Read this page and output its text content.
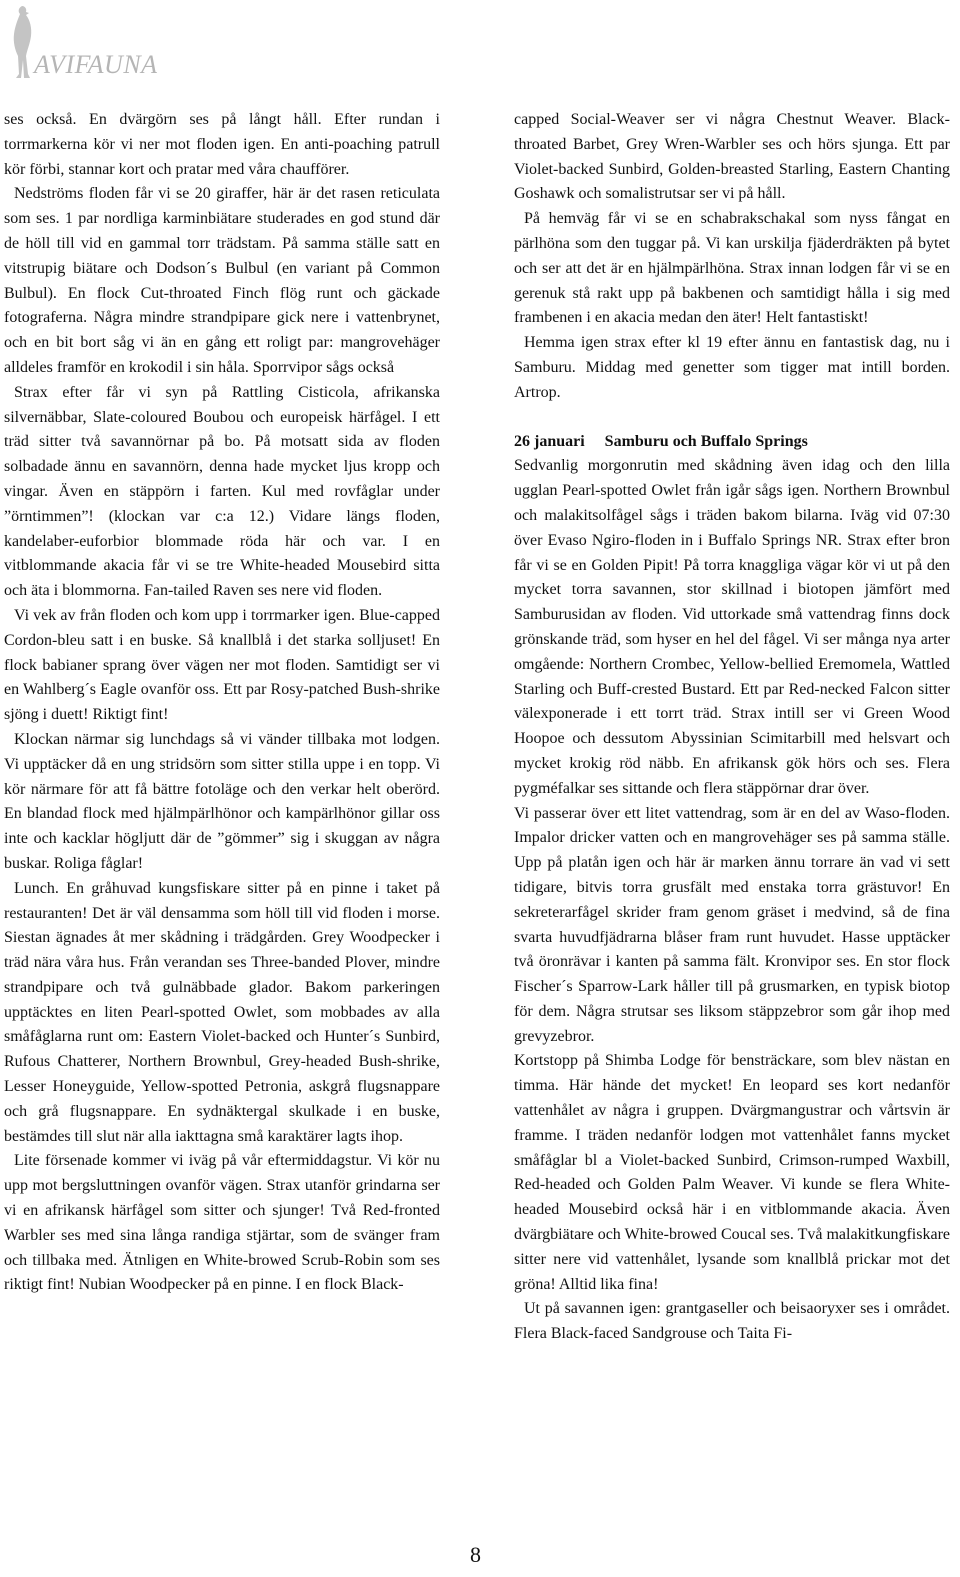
AVIFAUNA

ses också. En dvärgörn ses på långt håll. Efter rundan i torrmarkerna kör vi ner mot floden igen. En anti-poaching patrull kör förbi, stannar kort och pratar med våra chaufförer.

Nedströms floden får vi se 20 giraffer, här är det rasen reticulata som ses. 1 par nordliga karminbiätare studerades en god stund där de höll till vid en gammal torr trädstam. På samma ställe satt en vitstrupig biätare och Dodson´s Bulbul (en variant på Common Bulbul). En flock Cut-throated Finch flög runt och gäckade fotograferna. Några mindre strandpipare gick nere i vattenbrynet, och en bit bort såg vi än en gång ett roligt par: mangrovehäger alldeles framför en krokodil i sin håla. Sporrvipor sågs också

Strax efter får vi syn på Rattling Cisticola, afrikanska silvernäbbar, Slate-coloured Boubou och europeisk härfågel. I ett träd sitter två savannörnar på bo. På motsatt sida av floden solbadade ännu en savannörn, denna hade mycket ljus kropp och vingar. Även en stäppörn i farten. Kul med rovfåglar under ”örntimmen”! (klockan var c:a 12.) Vidare längs floden, kandelaber-euforbior blommade röda här och var. I en vitblommande akacia får vi se tre White-headed Mousebird sitta och äta i blommorna. Fan-tailed Raven ses nere vid floden.

Vi vek av från floden och kom upp i torrmarker igen. Blue-capped Cordon-bleu satt i en buske. Så knallblå i det starka solljuset! En flock babianer sprang över vägen ner mot floden. Samtidigt ser vi en Wahlberg´s Eagle ovanför oss. Ett par Rosy-patched Bush-shrike sjöng i duett! Riktigt fint!

Klockan närmar sig lunchdags så vi vänder tillbaka mot lodgen. Vi upptäcker då en ung stridsörn som sitter stilla uppe i en topp. Vi kör närmare för att få bättre fotoläge och den verkar helt oberörd. En blandad flock med hjälmpärlhönor och kampärlhönor gillar oss inte och kacklar högljutt där de ”gömmer” sig i skuggan av några buskar. Roliga fåglar!

Lunch. En gråhuvad kungsfiskare sitter på en pinne i taket på restauranten! Det är väl densamma som höll till vid floden i morse. Siestan ägnades åt mer skådning i trädgården. Grey Woodpecker i träd nära våra hus. Från verandan ses Three-banded Plover, mindre strandpipare och två gulnäbbade glador. Bakom parkeringen upptäcktes en liten Pearl-spotted Owlet, som mobbades av alla småfåglarna runt om: Eastern Violet-backed och Hunter´s Sunbird, Rufous Chatterer, Northern Brownbul, Grey-headed Bush-shrike, Lesser Honeyguide, Yellow-spotted Petronia, askgrå flugsnappare och grå flugsnappare. En sydnäktergal skulkade i en buske, bestämdes till slut när alla iakttagna små karaktärer lagts ihop.

Lite försenade kommer vi iväg på vår eftermiddagstur. Vi kör nu upp mot bergsluttningen ovanför vägen. Strax utanför grindarna ser vi en afrikansk härfågel som sitter och sjunger! Två Red-fronted Warbler ses med sina långa randiga stjärtar, som de svänger fram och tillbaka med. Ätnligen en White-browed Scrub-Robin som ses riktigt fint! Nubian Woodpecker på en pinne. I en flock Black-

capped Social-Weaver ser vi några Chestnut Weaver. Black-throated Barbet, Grey Wren-Warbler ses och hörs sjunga. Ett par Violet-backed Sunbird, Golden-breasted Starling, Eastern Chanting Goshawk och somalistrutsar ser vi på håll.

På hemväg får vi se en schabrakschakal som nyss fångat en pärlhöna som den tuggar på. Vi kan urskilja fjäderdräkten på bytet och ser att det är en hjälmpärlhöna. Strax innan lodgen får vi se en gerenuk stå rakt upp på bakbenen och samtidigt hålla i sig med frambenen i en akacia medan den äter! Helt fantastiskt!

Hemma igen strax efter kl 19 efter ännu en fantastisk dag, nu i Samburu. Middag med genetter som tigger mat intill borden. Artrop.

26 januari Samburu och Buffalo Springs

Sedvanlig morgonrutin med skådning även idag och den lilla ugglan Pearl-spotted Owlet från igår sågs igen. Northern Brownbul och malakitsolfågel sågs i träden bakom bilarna. Iväg vid 07:30 över Evaso Ngiro-floden in i Buffalo Springs NR. Strax efter bron får vi se en Golden Pipit! På torra knaggliga vägar kör vi ut på den mycket torra savannen, stor skillnad i biotopen jämfört med Samburusidan av floden. Vid uttorkade små vattendrag finns dock grönskande träd, som hyser en hel del fågel. Vi ser många nya arter omgående: Northern Crombec, Yellow-bellied Eremomela, Wattled Starling och Buff-crested Bustard. Ett par Red-necked Falcon sitter välexponerade i ett torrt träd. Strax intill ser vi Green Wood Hoopoe och dessutom Abyssinian Scimitarbill med helsvart och mycket krokig röd näbb. En afrikansk gök hörs och ses. Flera pygméfalkar ses sittande och flera stäppörnar drar över.

Vi passerar över ett litet vattendrag, som är en del av Waso-floden. Impalor dricker vatten och en mangrovehäger ses på samma ställe. Upp på platån igen och här är marken ännu torrare än vad vi sett tidigare, bitvis torra grusfält med enstaka torra grästuvor! En sekreterarfågel skrider fram genom gräset i medvind, så de fina svarta huvudfjädrarna blåser fram runt huvudet. Hasse upptäcker två öronrävar i kanten på samma fält. Kronvipor ses. En stor flock Fischer´s Sparrow-Lark håller till på grusmarken, en typisk biotop för dem. Några strutsar ses liksom stäppzebror som går ihop med grevyzebror.

Kortstopp på Shimba Lodge för bensträckare, som blev nästan en timma. Här hände det mycket! En leopard ses kort nedanför vattenhålet av några i gruppen. Dvärgmangustrar och vårtsvin är framme. I träden nedanför lodgen mot vattenhålet fanns mycket småfåglar bl a Violet-backed Sunbird, Crimson-rumped Waxbill, Red-headed och Golden Palm Weaver. Vi kunde se flera White-headed Mousebird också här i en vitblommande akacia. Även dvärgbiätare och White-browed Coucal ses. Två malakitkungfiskare sitter nere vid vattenhålet, lysande som knallblå prickar mot det gröna! Alltid lika fina!

Ut på savannen igen: grantgaseller och beisaoryxer ses i området. Flera Black-faced Sandgrouse och Taita Fi-

8
